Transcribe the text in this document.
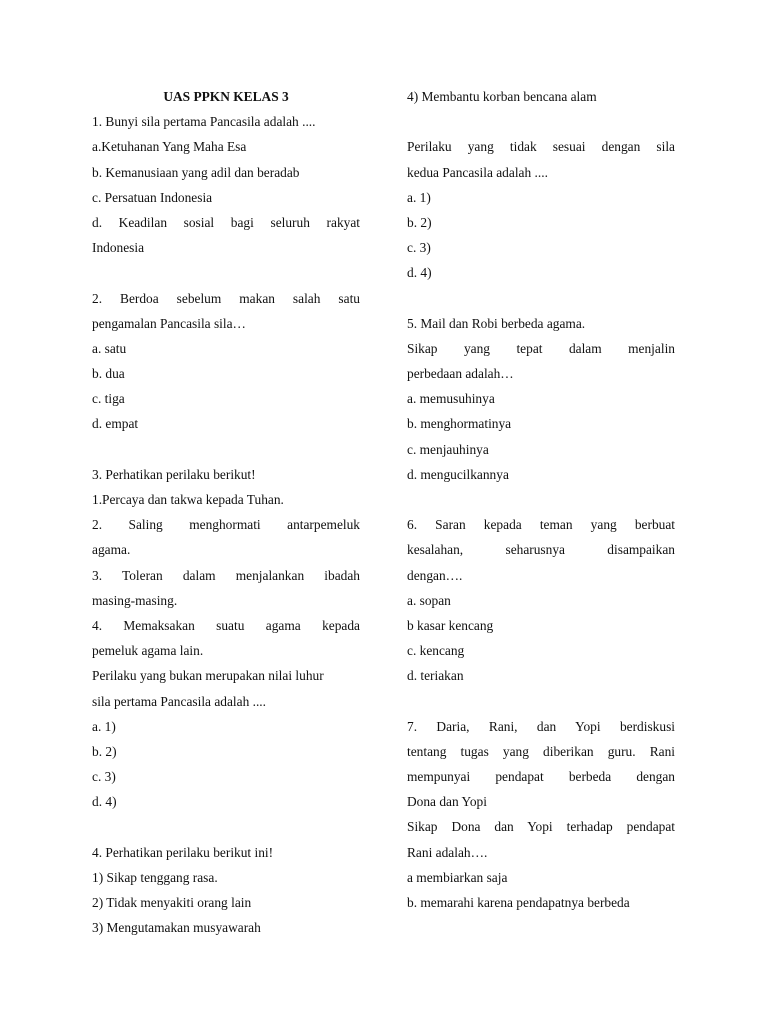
UAS PPKN KELAS 3
1. Bunyi sila pertama Pancasila adalah ....
a.Ketuhanan Yang Maha Esa
b. Kemanusiaan yang adil dan beradab
c. Persatuan Indonesia
d. Keadilan sosial bagi seluruh rakyat
Indonesia
2. Berdoa sebelum makan salah satu
pengamalan Pancasila sila…
a. satu
b. dua
c. tiga
d. empat
3. Perhatikan perilaku berikut!
1.Percaya dan takwa kepada Tuhan.
2. Saling menghormati antarpemeluk
agama.
3. Toleran dalam menjalankan ibadah
masing-masing.
4. Memaksakan suatu agama kepada
pemeluk agama lain.
Perilaku yang bukan merupakan nilai luhur
sila pertama Pancasila adalah ....
a. 1)
b. 2)
c. 3)
d. 4)
4. Perhatikan perilaku berikut ini!
1) Sikap tenggang rasa.
2) Tidak menyakiti orang lain
3) Mengutamakan musyawarah
4) Membantu korban bencana alam
Perilaku yang tidak sesuai dengan sila
kedua Pancasila adalah ....
a. 1)
b. 2)
c. 3)
d. 4)
5. Mail dan Robi berbeda agama.
Sikap yang tepat dalam menjalin
perbedaan adalah…
a. memusuhinya
b. menghormatinya
c. menjauhinya
d. mengucilkannya
6. Saran kepada teman yang berbuat
kesalahan, seharusnya disampaikan
dengan….
a. sopan
b kasar kencang
c. kencang
d. teriakan
7. Daria, Rani, dan Yopi berdiskusi
tentang tugas yang diberikan guru. Rani
mempunyai pendapat berbeda dengan
Dona dan Yopi
Sikap Dona dan Yopi terhadap pendapat
Rani adalah….
a membiarkan saja
b. memarahi karena pendapatnya berbeda
